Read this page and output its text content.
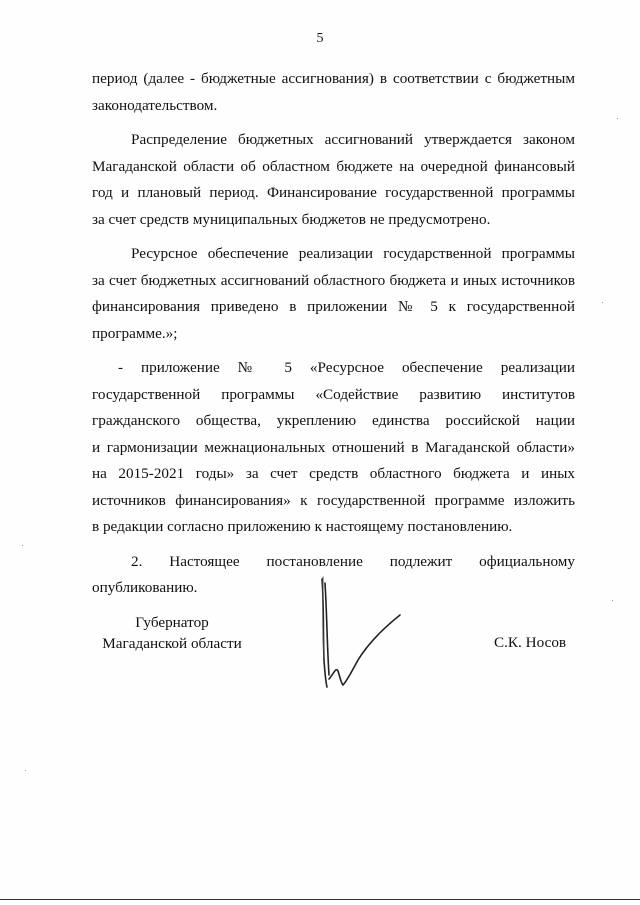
5

период (далее - бюджетные ассигнования) в соответствии с бюджетным
законодательством.

Распределение бюджетных ассигнований утверждается законом
Магаданской области об областном бюджете на очередной финансовый
год и плановый период. Финансирование государственной программы
за счет средств муниципальных бюджетов не предусмотрено.

Ресурсное обеспечение реализации государственной программы
за счет бюджетных ассигнований областного бюджета и иных источников
финансирования приведено в приложении № 5 к государственной
программе.»;

- приложение № 5 «Ресурсное обеспечение реализации
государственной программы «Содействие развитию институтов
гражданского общества, укреплению единства российской нации
и гармонизации межнациональных отношений в Магаданской области»
на 2015-2021 годы» за счет средств областного бюджета и иных
источников финансирования» к государственной программе изложить
в редакции согласно приложению к настоящему постановлению.

2. Настоящее постановление подлежит официальному
опубликованию.

Губернатор
Магаданской области	С.К. Носов
